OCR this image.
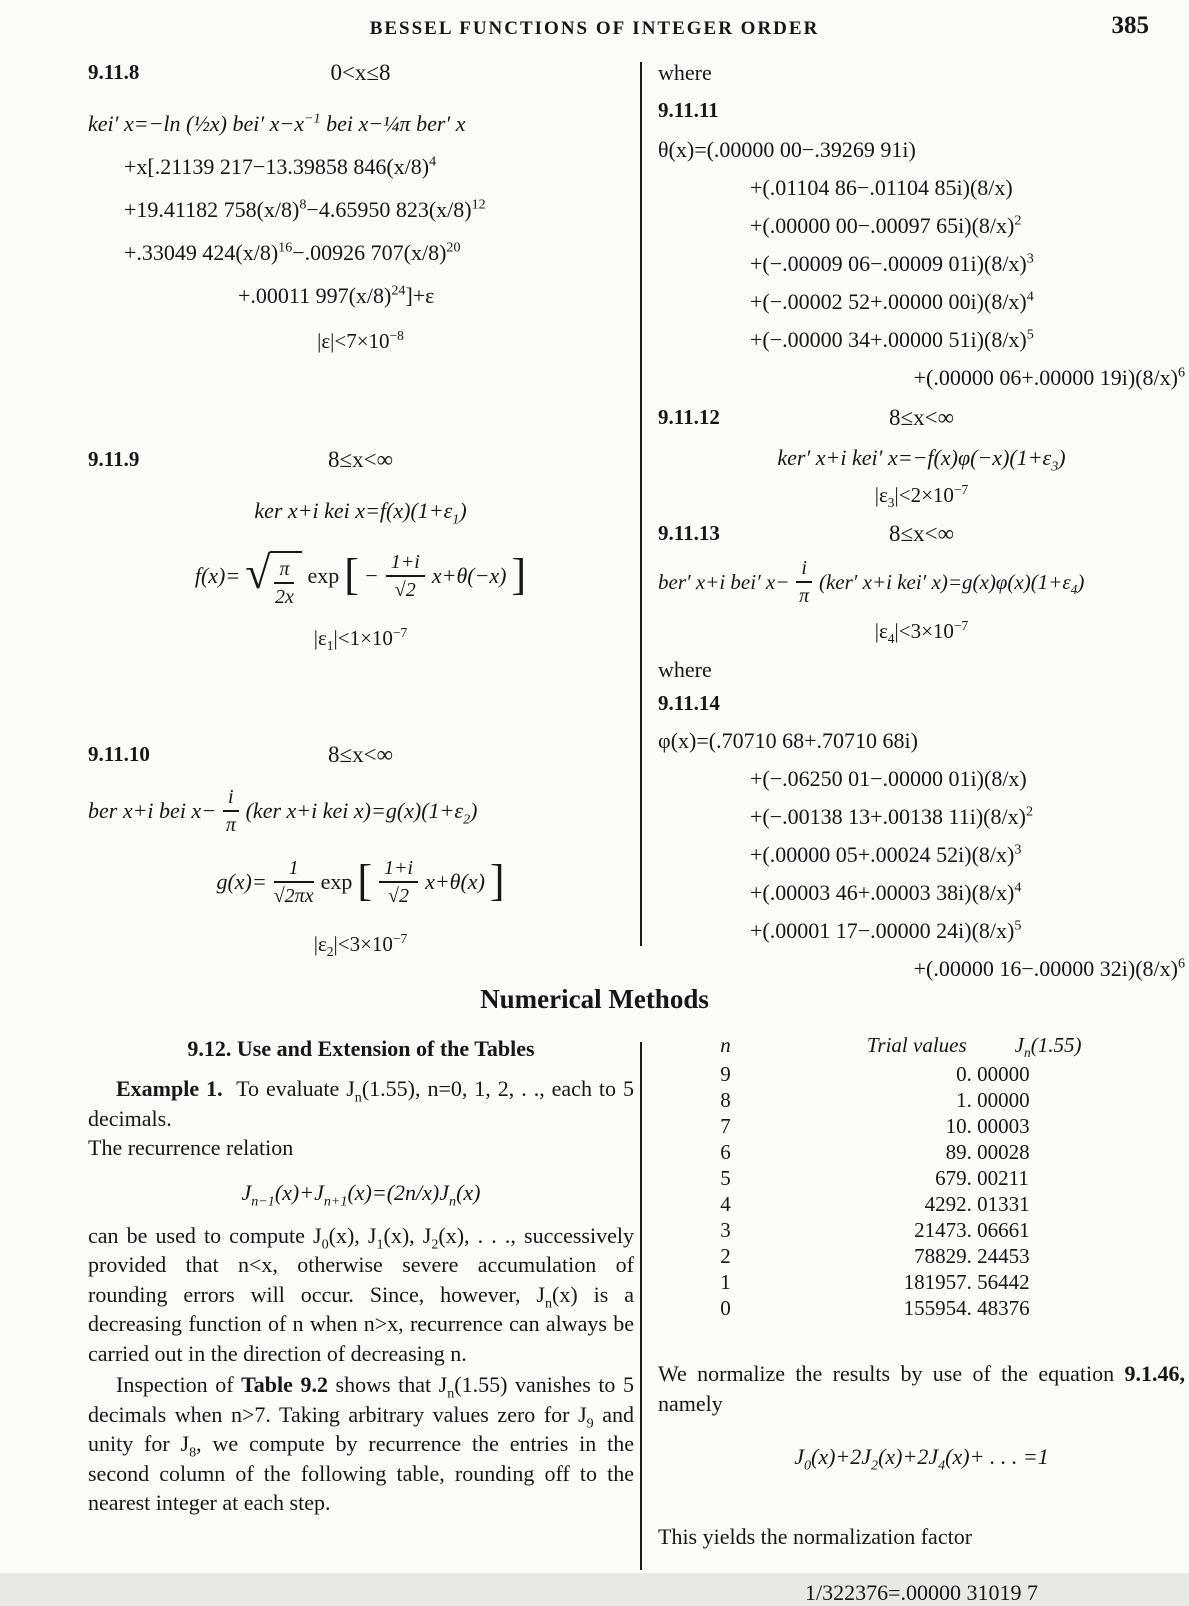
BESSEL FUNCTIONS OF INTEGER ORDER	385
9.11.8	0<x≤8
kei′ x=−ln (½x) bei′ $x-x^{-1}$ bei x−¼π ber′ x
+x[.21139 217−13.39858 $846(x/8)^4$
+19.41182 $758(x/8)^8-4.65950$ $823(x/8)^{12}$
+.33049 $424(x/8)^{16}-.00926$ $707(x/8)^{20}$
+.00011 $997(x/8)^{24}]+\varepsilon$
$|\varepsilon|<7\times 10^{-8}$
9.11.9	8≤x<∞
ker x+i kei $x=f(x)(1+\varepsilon_1)$
f(x)= √ $\frac{\pi}{2x}$ exp [ − $\frac{1+i}{√2} x+\theta(-x)$ ]
$|\varepsilon_1|<1\times 10^{-7}$
9.11.10	8≤x<∞
ber x+i bei $x- \frac{i}{\pi} (ker$ x+i kei $x)=g(x)(1+\varepsilon_2)$
$g(x)= \frac{1}{√2\pi x}$ exp [ $\frac{1+i}{√2} x+\theta(x)$ ]
$|\varepsilon_2|<3\times 10^{-7}$
where
9.11.11
θ(x)=(.00000 00−.39269 91i)
+(.01104 86−.01104 85i)(8/x)
+(.00000 00−.00097 $65i)(8/x)^2$
+(−.00009 06−.00009 $01i)(8/x)^3$
+(−.00002 52+.00000 $00i)(8/x)^4$
+(−.00000 34+.00000 $51i)(8/x)^5$
+(.00000 06+.00000 $19i)(8/x)^6$
9.11.12	8≤x<∞
ker′ x+i kei′ $x=-f(x)\varphi(-x)(1+\varepsilon_3)$
$|\varepsilon_3|<2\times 10^{-7}$
9.11.13	8≤x<∞
ber′ x+i bei′ $x- \frac{i}{\pi} (ker'$ x+i kei′ $x)=g(x)\varphi(x)(1+\varepsilon_4)$
$|\varepsilon_4|<3\times 10^{-7}$
where
9.11.14
φ(x)=(.70710 68+.70710 68i)
+(−.06250 01−.00000 01i)(8/x)
+(−.00138 13+.00138 $11i)(8/x)^2$
+(.00000 05+.00024 $52i)(8/x)^3$
+(.00003 46+.00003 $38i)(8/x)^4$
+(.00001 17−.00000 $24i)(8/x)^5$
+(.00000 16−.00000 $32i)(8/x)^6$
Numerical Methods
9.12. Use and Extension of the Tables

Example 1.  To evaluate $J_n(1.55)$, n=0, 1, 2, . ., each to 5 decimals.

The recurrence relation

$J_{n-1}(x)+J_{n+1}(x)=(2n/x)J_n(x)$

can be used to compute $J_0(x)$, $J_1(x)$, $J_2(x)$, . . ., successively provided that n<x, otherwise severe accumulation of rounding errors will occur. Since, however, $J_n(x)$ is a decreasing function of n when n>x, recurrence can always be carried out in the direction of decreasing n.

Inspection of Table 9.2 shows that $J_n(1.55)$ vanishes to 5 decimals when n>7. Taking arbitrary values zero for $J_9$ and unity for $J_8$, we compute by recurrence the entries in the second column of the following table, rounding off to the nearest integer at each step.

n	Trial values	$J_n(1.55)$
9	0	. 00000
8	1	. 00000
7	10	. 00003
6	89	. 00028
5	679	. 00211
4	4292	. 01331
3	21473	. 06661
2	78829	. 24453
1	181957	. 56442
0	155954	. 48376

We normalize the results by use of the equation 9.1.46, namely

$J_0(x)+2J_2(x)+2J_4(x)+$ . . . =1

This yields the normalization factor

1/322376=.00000 31019 7
